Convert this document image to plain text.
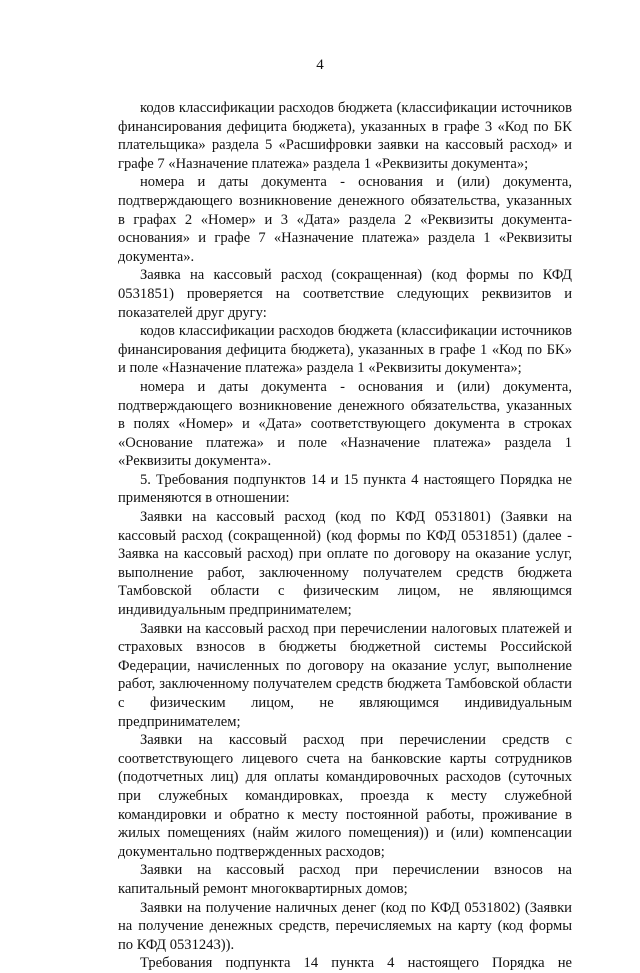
4

кодов классификации расходов бюджета (классификации источников финансирования дефицита бюджета), указанных в графе 3 «Код по БК плательщика» раздела 5 «Расшифровки заявки на кассовый расход» и графе 7 «Назначение платежа» раздела 1 «Реквизиты документа»;

номера и даты документа - основания и (или) документа, подтверждающего возникновение денежного обязательства, указанных в графах 2 «Номер» и 3 «Дата» раздела 2 «Реквизиты документа-основания» и графе 7 «Назначение платежа» раздела 1 «Реквизиты документа».

Заявка на кассовый расход (сокращенная) (код формы по КФД 0531851) проверяется на соответствие следующих реквизитов и показателей друг другу:

кодов классификации расходов бюджета (классификации источников финансирования дефицита бюджета), указанных в графе 1 «Код по БК» и поле «Назначение платежа» раздела 1 «Реквизиты документа»;

номера и даты документа - основания и (или) документа, подтверждающего возникновение денежного обязательства, указанных в полях «Номер» и «Дата» соответствующего документа в строках «Основание платежа» и поле «Назначение платежа» раздела 1 «Реквизиты документа».

5. Требования подпунктов 14 и 15 пункта 4 настоящего Порядка не применяются в отношении:

Заявки на кассовый расход (код по КФД 0531801) (Заявки на кассовый расход (сокращенной) (код формы по КФД 0531851) (далее - Заявка на кассовый расход) при оплате по договору на оказание услуг, выполнение работ, заключенному получателем средств бюджета Тамбовской области с физическим лицом, не являющимся индивидуальным предпринимателем;

Заявки на кассовый расход при перечислении налоговых платежей и страховых взносов в бюджеты бюджетной системы Российской Федерации, начисленных по договору на оказание услуг, выполнение работ, заключенному получателем средств бюджета Тамбовской области с физическим лицом, не являющимся индивидуальным предпринимателем;

Заявки на кассовый расход при перечислении средств с соответствующего лицевого счета на банковские карты сотрудников (подотчетных лиц) для оплаты командировочных расходов (суточных при служебных командировках, проезда к месту служебной командировки и обратно к месту постоянной работы, проживание в жилых помещениях (найм жилого помещения)) и (или) компенсации документально подтвержденных расходов;

Заявки на кассовый расход при перечислении взносов на капитальный ремонт многоквартирных домов;

Заявки на получение наличных денег (код по КФД 0531802) (Заявки на получение денежных средств, перечисляемых на карту (код формы по КФД 0531243)).

Требования подпункта 14 пункта 4 настоящего Порядка не
